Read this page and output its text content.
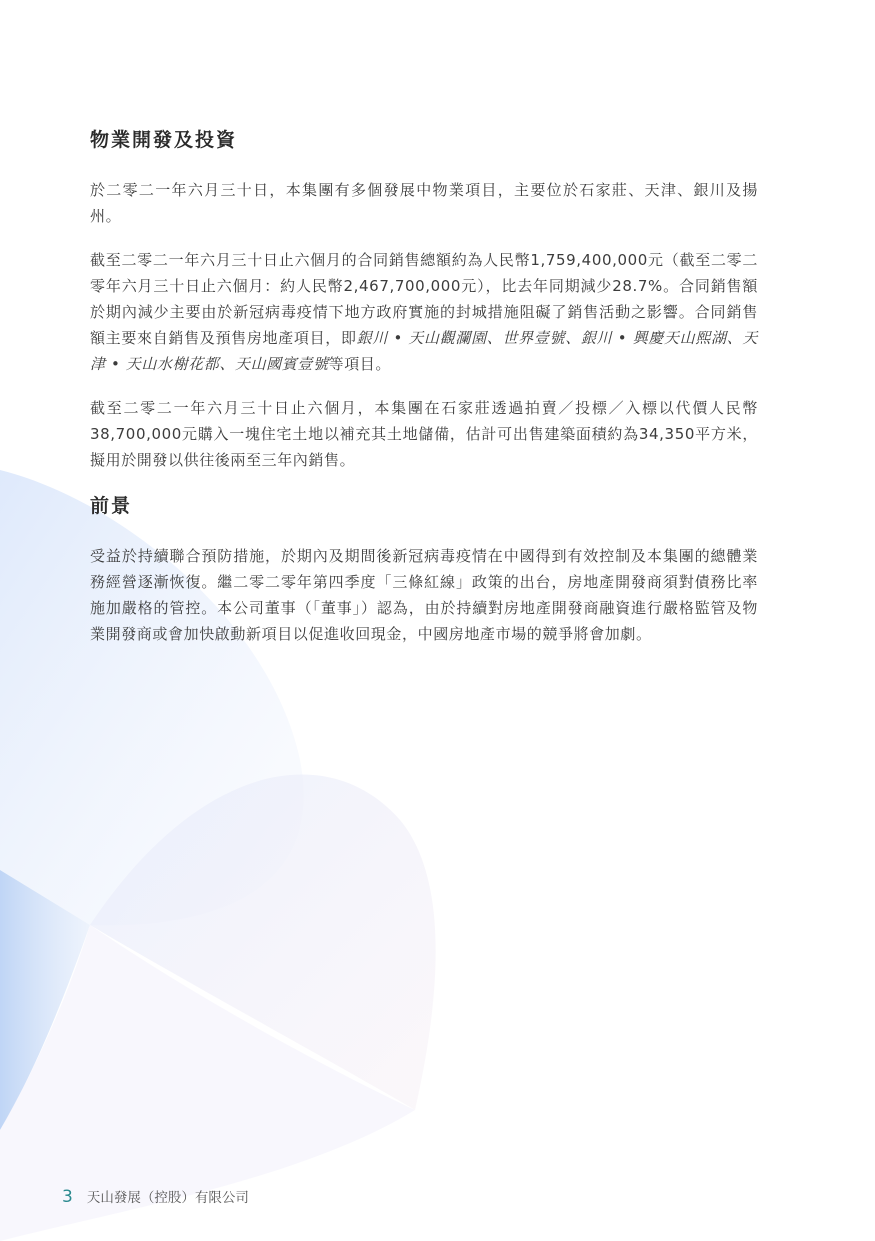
物業開發及投資

於二零二一年六月三十日，本集團有多個發展中物業項目，主要位於石家莊、天津、銀川及揚州。

截至二零二一年六月三十日止六個月的合同銷售總額約為人民幣1,759,400,000元（截至二零二零年六月三十日止六個月：約人民幣2,467,700,000元），比去年同期減少28.7%。合同銷售額於期內減少主要由於新冠病毒疫情下地方政府實施的封城措施阻礙了銷售活動之影響。合同銷售額主要來自銷售及預售房地產項目，即銀川 • 天山觀瀾園、世界壹號、銀川 • 興慶天山熙湖、天津 • 天山水榭花都、天山國賓壹號等項目。

截至二零二一年六月三十日止六個月，本集團在石家莊透過拍賣／投標／入標以代價人民幣38,700,000元購入一塊住宅土地以補充其土地儲備，估計可出售建築面積約為34,350平方米，擬用於開發以供往後兩至三年內銷售。

前景

受益於持續聯合預防措施，於期內及期間後新冠病毒疫情在中國得到有效控制及本集團的總體業務經營逐漸恢復。繼二零二零年第四季度「三條紅線」政策的出台，房地產開發商須對債務比率施加嚴格的管控。本公司董事（「董事」）認為，由於持續對房地產開發商融資進行嚴格監管及物業開發商或會加快啟動新項目以促進收回現金，中國房地產市場的競爭將會加劇。

3 天山發展（控股）有限公司
